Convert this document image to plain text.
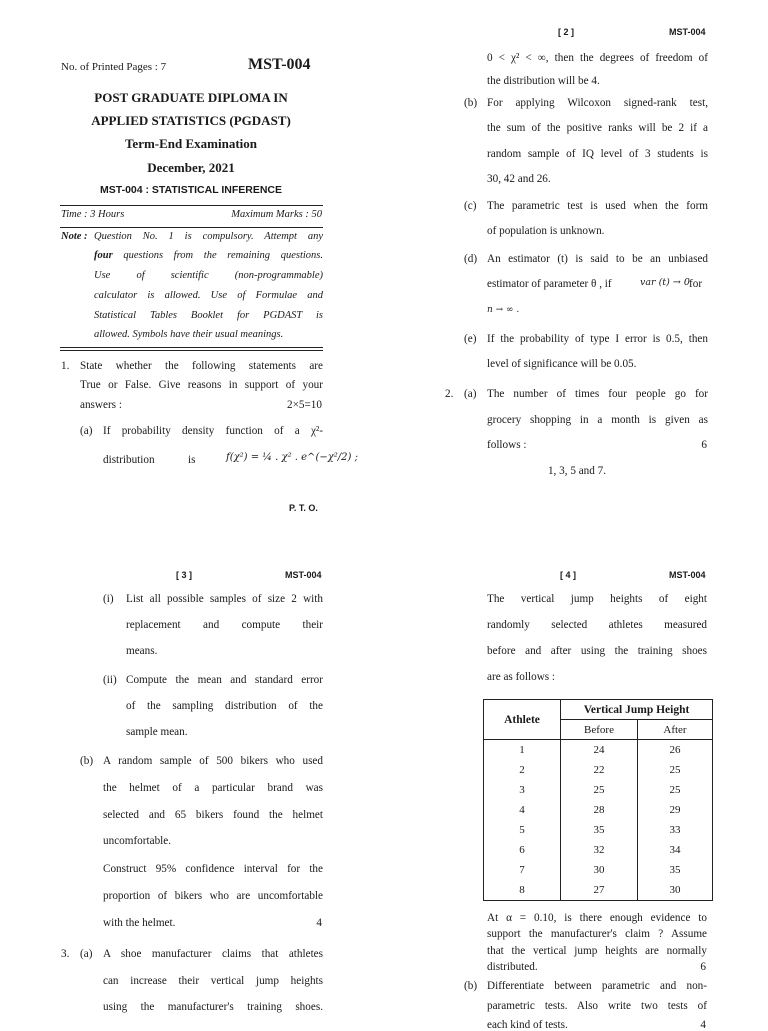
No. of Printed Pages : 7	MST-004
POST GRADUATE DIPLOMA IN
APPLIED STATISTICS (PGDAST)
Term-End Examination
December, 2021
MST-004 : STATISTICAL INFERENCE
Time : 3 Hours	Maximum Marks : 50
Note : Question No. 1 is compulsory. Attempt any
four questions from the remaining questions.
Use of scientific (non-programmable)
calculator is allowed. Use of Formulae and
Statistical Tables Booklet for PGDAST is
allowed. Symbols have their usual meanings.
1. State whether the following statements are
True or False. Give reasons in support of your
answers :	2×5=10
(a) If probability density function of a χ²-
distribution	is	f(χ²) = ¼ . χ² . e^(−χ²/2) ;
P. T. O.
[ 2 ]	MST-004
0 < χ² < ∞, then the degrees of freedom of
the distribution will be 4.
(b) For applying Wilcoxon signed-rank test,
the sum of the positive ranks will be 2 if a
random sample of IQ level of 3 students is
30, 42 and 26.
(c) The parametric test is used when the form
of population is unknown.
(d) An estimator (t) is said to be an unbiased
estimator of parameter θ , if	var (t) → 0 for
n → ∞ .
(e) If the probability of type I error is 0.5, then
level of significance will be 0.05.
2. (a) The number of times four people go for
grocery shopping in a month is given as
follows :	6
1, 3, 5 and 7.
[ 3 ]	MST-004
(i) List all possible samples of size 2 with
replacement and compute their
means.
(ii) Compute the mean and standard error
of the sampling distribution of the
sample mean.
(b) A random sample of 500 bikers who used
the helmet of a particular brand was
selected and 65 bikers found the helmet
uncomfortable.
Construct 95% confidence interval for the
proportion of bikers who are uncomfortable
with the helmet.	4
3. (a) A shoe manufacturer claims that athletes
can increase their vertical jump heights
using the manufacturer's training shoes.
[ 4 ]	MST-004
The vertical jump heights of eight
randomly selected athletes measured
before and after using the training shoes
are as follows :
Athlete	Vertical Jump Height	
	Before	After
1	24	26
2	22	25
3	25	25
4	28	29
5	35	33
6	32	34
7	30	35
8	27	30
At α = 0.10, is there enough evidence to
support the manufacturer's claim ? Assume
that the vertical jump heights are normally
distributed.	6
(b) Differentiate between parametric and non-
parametric tests. Also write two tests of
each kind of tests.	4
